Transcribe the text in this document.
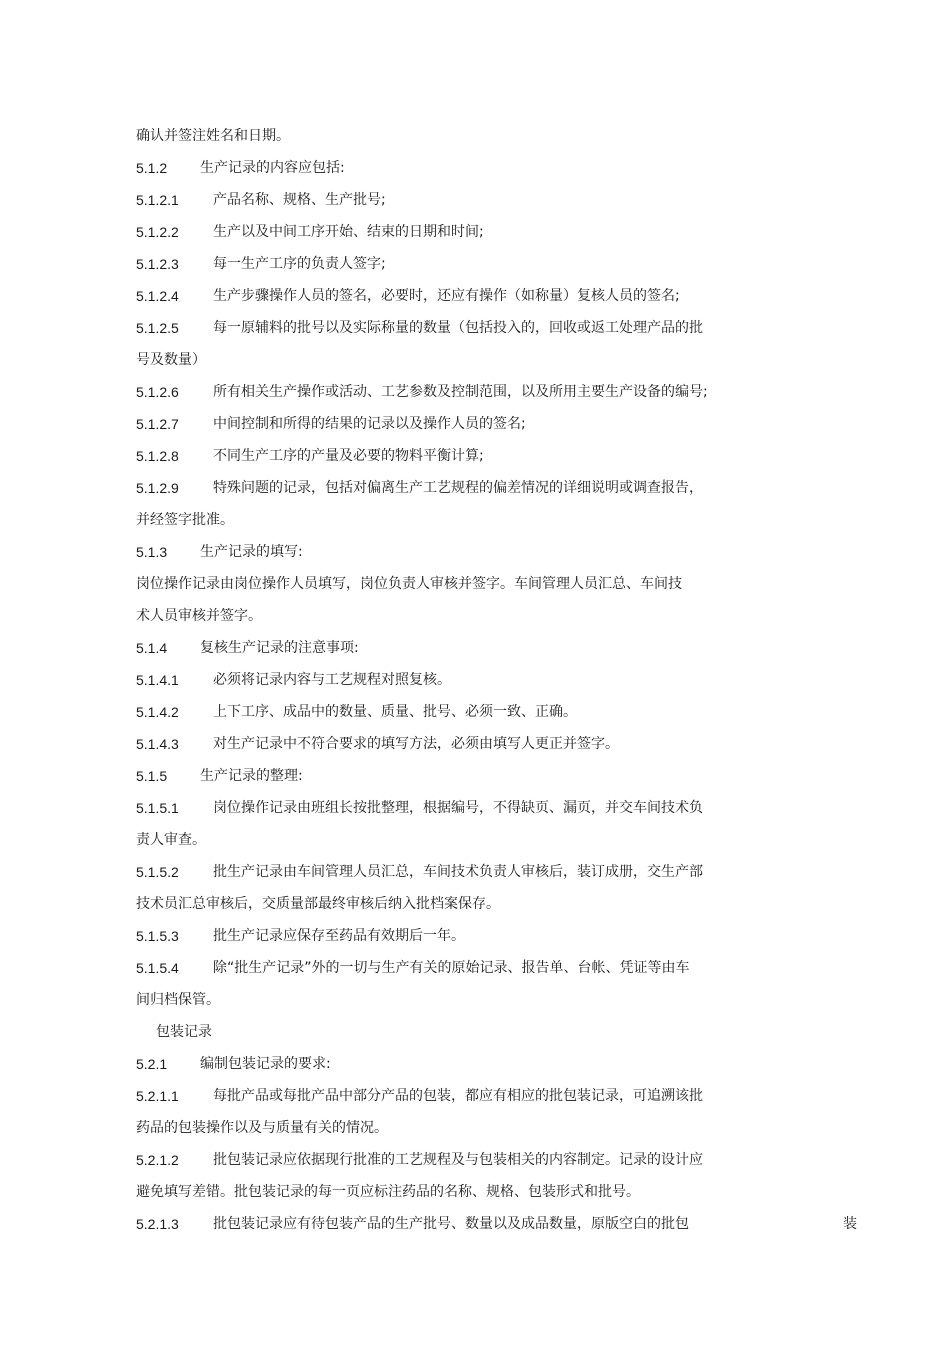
确认并签注姓名和日期。
5.1.2 生产记录的内容应包括:
5.1.2.1 产品名称、规格、生产批号;
5.1.2.2 生产以及中间工序开始、结束的日期和时间;
5.1.2.3 每一生产工序的负责人签字;
5.1.2.4 生产步骤操作人员的签名，必要时，还应有操作（如称量）复核人员的签名;
5.1.2.5 每一原辅料的批号以及实际称量的数量（包括投入的，回收或返工处理产品的批
号及数量）
5.1.2.6 所有相关生产操作或活动、工艺参数及控制范围，以及所用主要生产设备的编号;
5.1.2.7 中间控制和所得的结果的记录以及操作人员的签名;
5.1.2.8 不同生产工序的产量及必要的物料平衡计算;
5.1.2.9 特殊问题的记录，包括对偏离生产工艺规程的偏差情况的详细说明或调查报告，
并经签字批准。
5.1.3 生产记录的填写:
岗位操作记录由岗位操作人员填写，岗位负责人审核并签字。车间管理人员汇总、车间技
术人员审核并签字。
5.1.4 复核生产记录的注意事项:
5.1.4.1 必须将记录内容与工艺规程对照复核。
5.1.4.2 上下工序、成品中的数量、质量、批号、必须一致、正确。
5.1.4.3 对生产记录中不符合要求的填写方法，必须由填写人更正并签字。
5.1.5 生产记录的整理:
5.1.5.1 岗位操作记录由班组长按批整理，根据编号，不得缺页、漏页，并交车间技术负
责人审查。
5.1.5.2 批生产记录由车间管理人员汇总，车间技术负责人审核后，装订成册，交生产部
技术员汇总审核后，交质量部最终审核后纳入批档案保存。
5.1.5.3 批生产记录应保存至药品有效期后一年。
5.1.5.4 除“批生产记录”外的一切与生产有关的原始记录、报告单、台帐、凭证等由车
间归档保管。
包装记录
5.2.1 编制包装记录的要求:
5.2.1.1 每批产品或每批产品中部分产品的包装，都应有相应的批包装记录，可追溯该批
药品的包装操作以及与质量有关的情况。
5.2.1.2 批包装记录应依据现行批准的工艺规程及与包装相关的内容制定。记录的设计应
避免填写差错。批包装记录的每一页应标注药品的名称、规格、包装形式和批号。
5.2.1.3 批包装记录应有待包装产品的生产批号、数量以及成品数量，原版空白的批包	装
